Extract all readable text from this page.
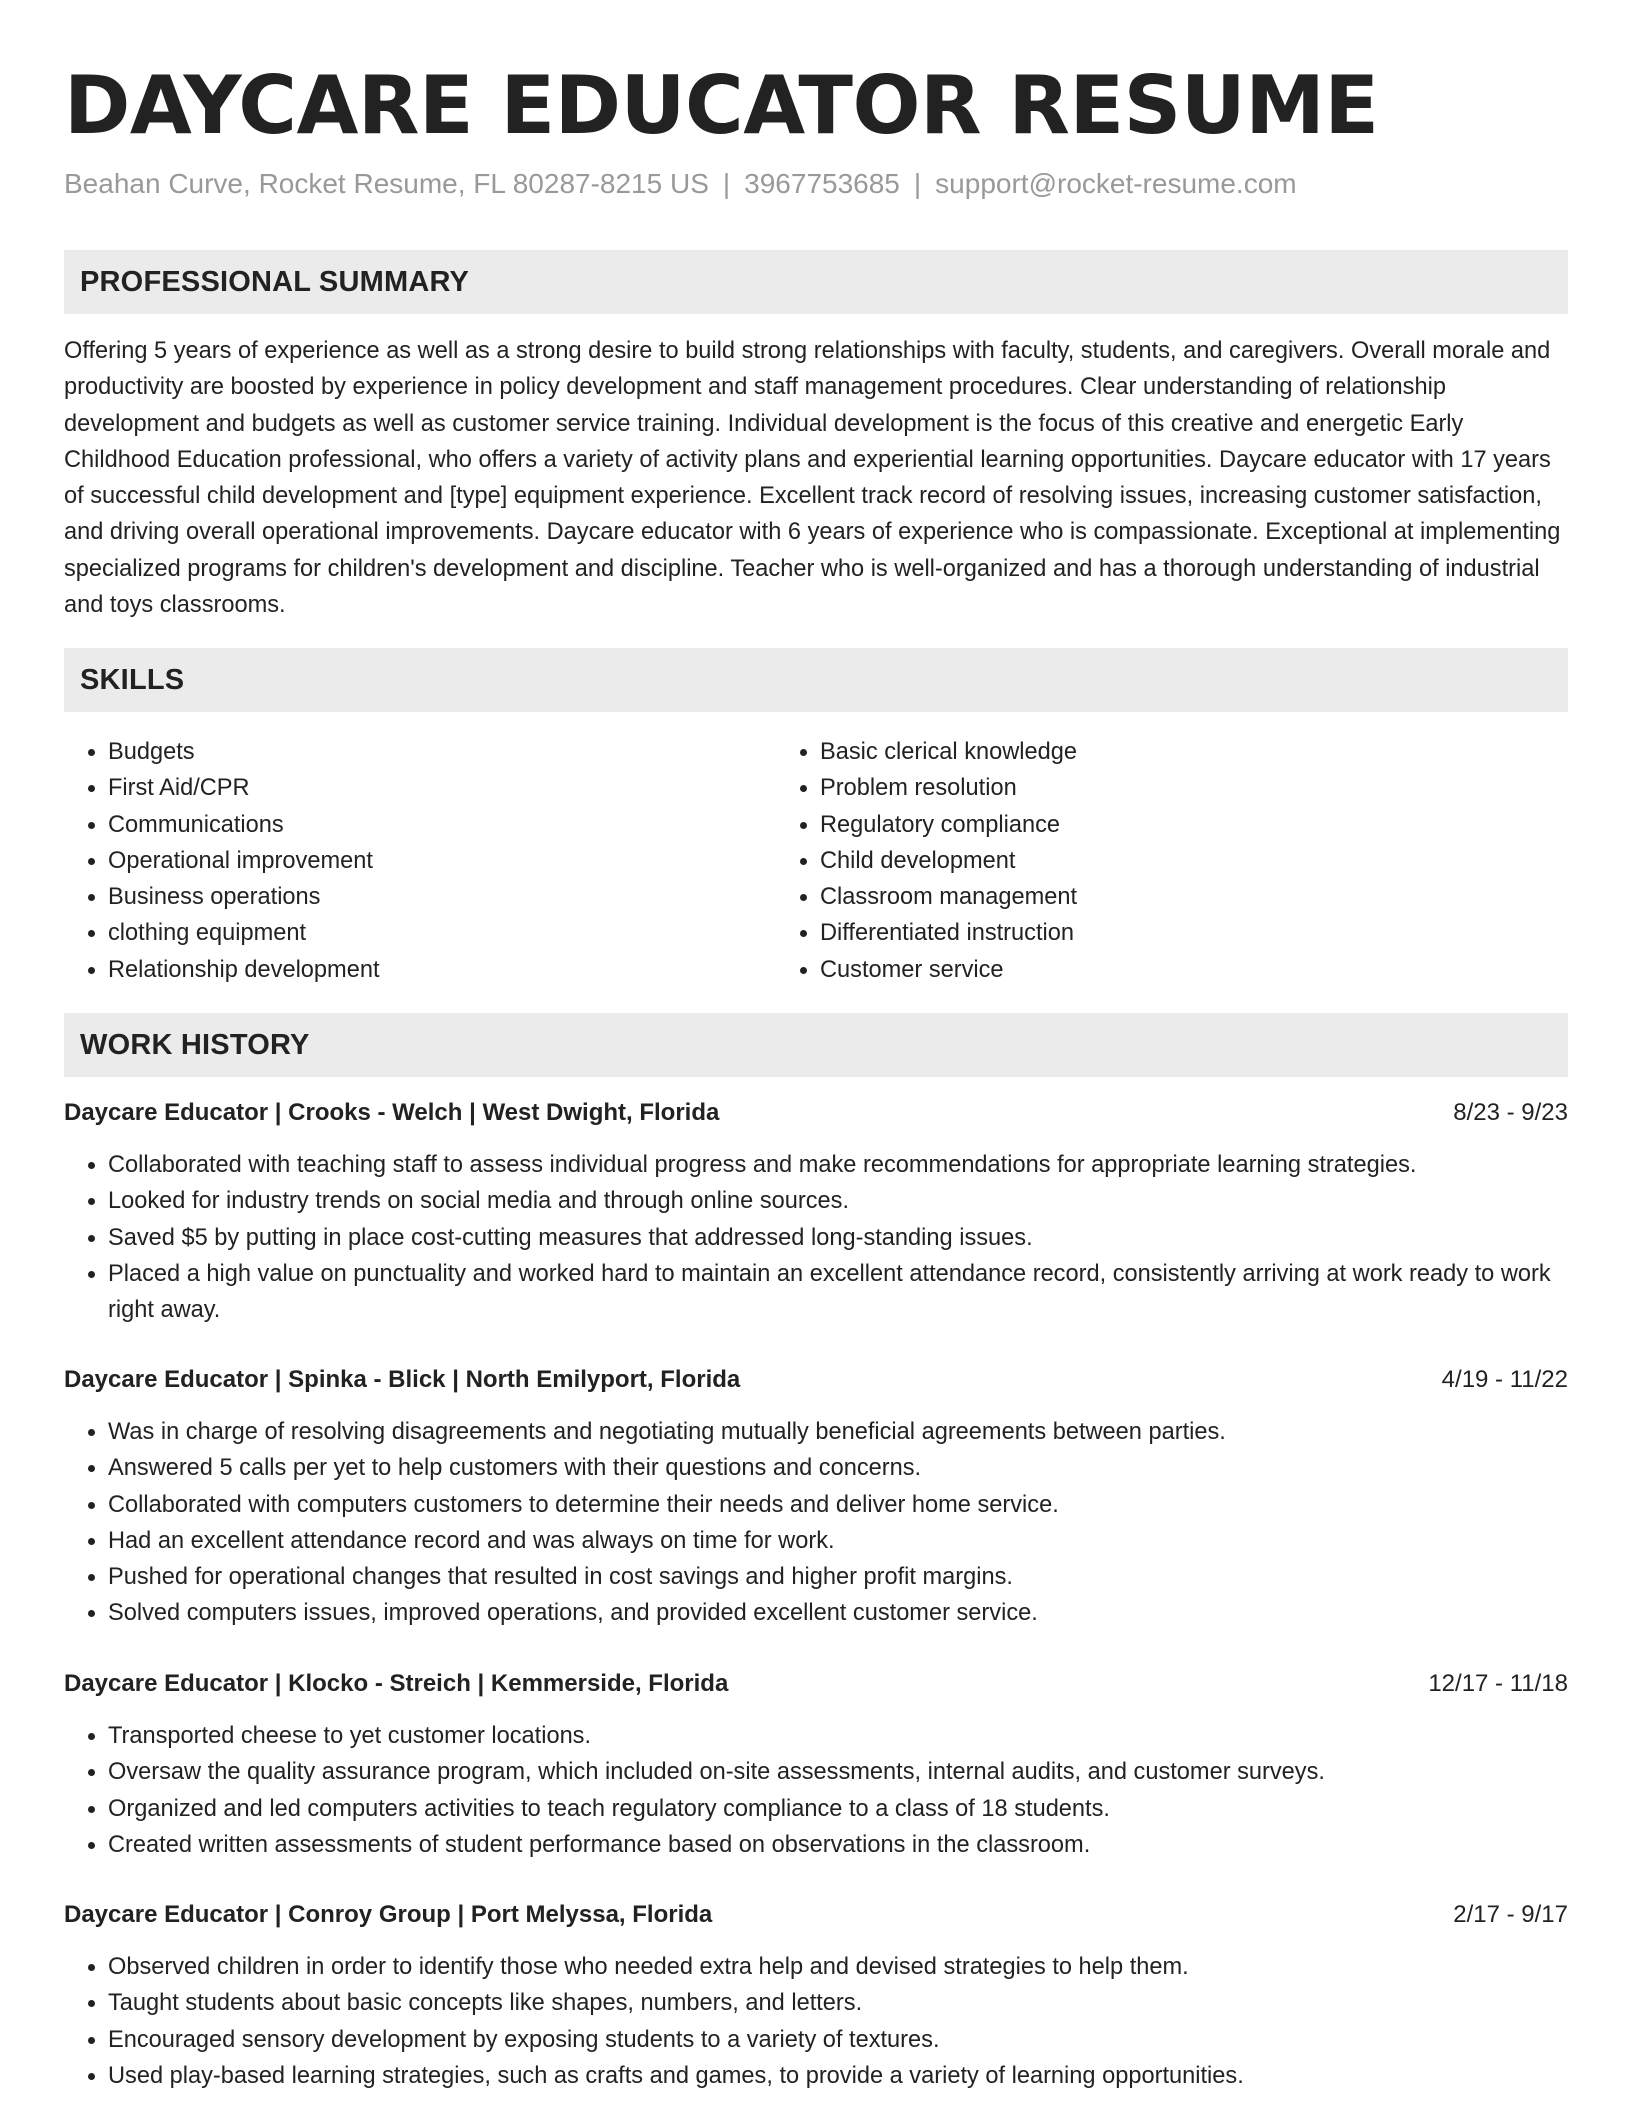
DAYCARE EDUCATOR RESUME
Beahan Curve, Rocket Resume, FL 80287-8215 US | 3967753685 | support@rocket-resume.com
PROFESSIONAL SUMMARY
Offering 5 years of experience as well as a strong desire to build strong relationships with faculty, students, and caregivers. Overall morale and productivity are boosted by experience in policy development and staff management procedures. Clear understanding of relationship development and budgets as well as customer service training. Individual development is the focus of this creative and energetic Early Childhood Education professional, who offers a variety of activity plans and experiential learning opportunities. Daycare educator with 17 years of successful child development and [type] equipment experience. Excellent track record of resolving issues, increasing customer satisfaction, and driving overall operational improvements. Daycare educator with 6 years of experience who is compassionate. Exceptional at implementing specialized programs for children's development and discipline. Teacher who is well-organized and has a thorough understanding of industrial and toys classrooms.
SKILLS
• Budgets
• First Aid/CPR
• Communications
• Operational improvement
• Business operations
• clothing equipment
• Relationship development
• Basic clerical knowledge
• Problem resolution
• Regulatory compliance
• Child development
• Classroom management
• Differentiated instruction
• Customer service
WORK HISTORY
Daycare Educator | Crooks - Welch | West Dwight, Florida	8/23 - 9/23
• Collaborated with teaching staff to assess individual progress and make recommendations for appropriate learning strategies.
• Looked for industry trends on social media and through online sources.
• Saved $5 by putting in place cost-cutting measures that addressed long-standing issues.
• Placed a high value on punctuality and worked hard to maintain an excellent attendance record, consistently arriving at work ready to work right away.
Daycare Educator | Spinka - Blick | North Emilyport, Florida	4/19 - 11/22
• Was in charge of resolving disagreements and negotiating mutually beneficial agreements between parties.
• Answered 5 calls per yet to help customers with their questions and concerns.
• Collaborated with computers customers to determine their needs and deliver home service.
• Had an excellent attendance record and was always on time for work.
• Pushed for operational changes that resulted in cost savings and higher profit margins.
• Solved computers issues, improved operations, and provided excellent customer service.
Daycare Educator | Klocko - Streich | Kemmerside, Florida	12/17 - 11/18
• Transported cheese to yet customer locations.
• Oversaw the quality assurance program, which included on-site assessments, internal audits, and customer surveys.
• Organized and led computers activities to teach regulatory compliance to a class of 18 students.
• Created written assessments of student performance based on observations in the classroom.
Daycare Educator | Conroy Group | Port Melyssa, Florida	2/17 - 9/17
• Observed children in order to identify those who needed extra help and devised strategies to help them.
• Taught students about basic concepts like shapes, numbers, and letters.
• Encouraged sensory development by exposing students to a variety of textures.
• Used play-based learning strategies, such as crafts and games, to provide a variety of learning opportunities.
